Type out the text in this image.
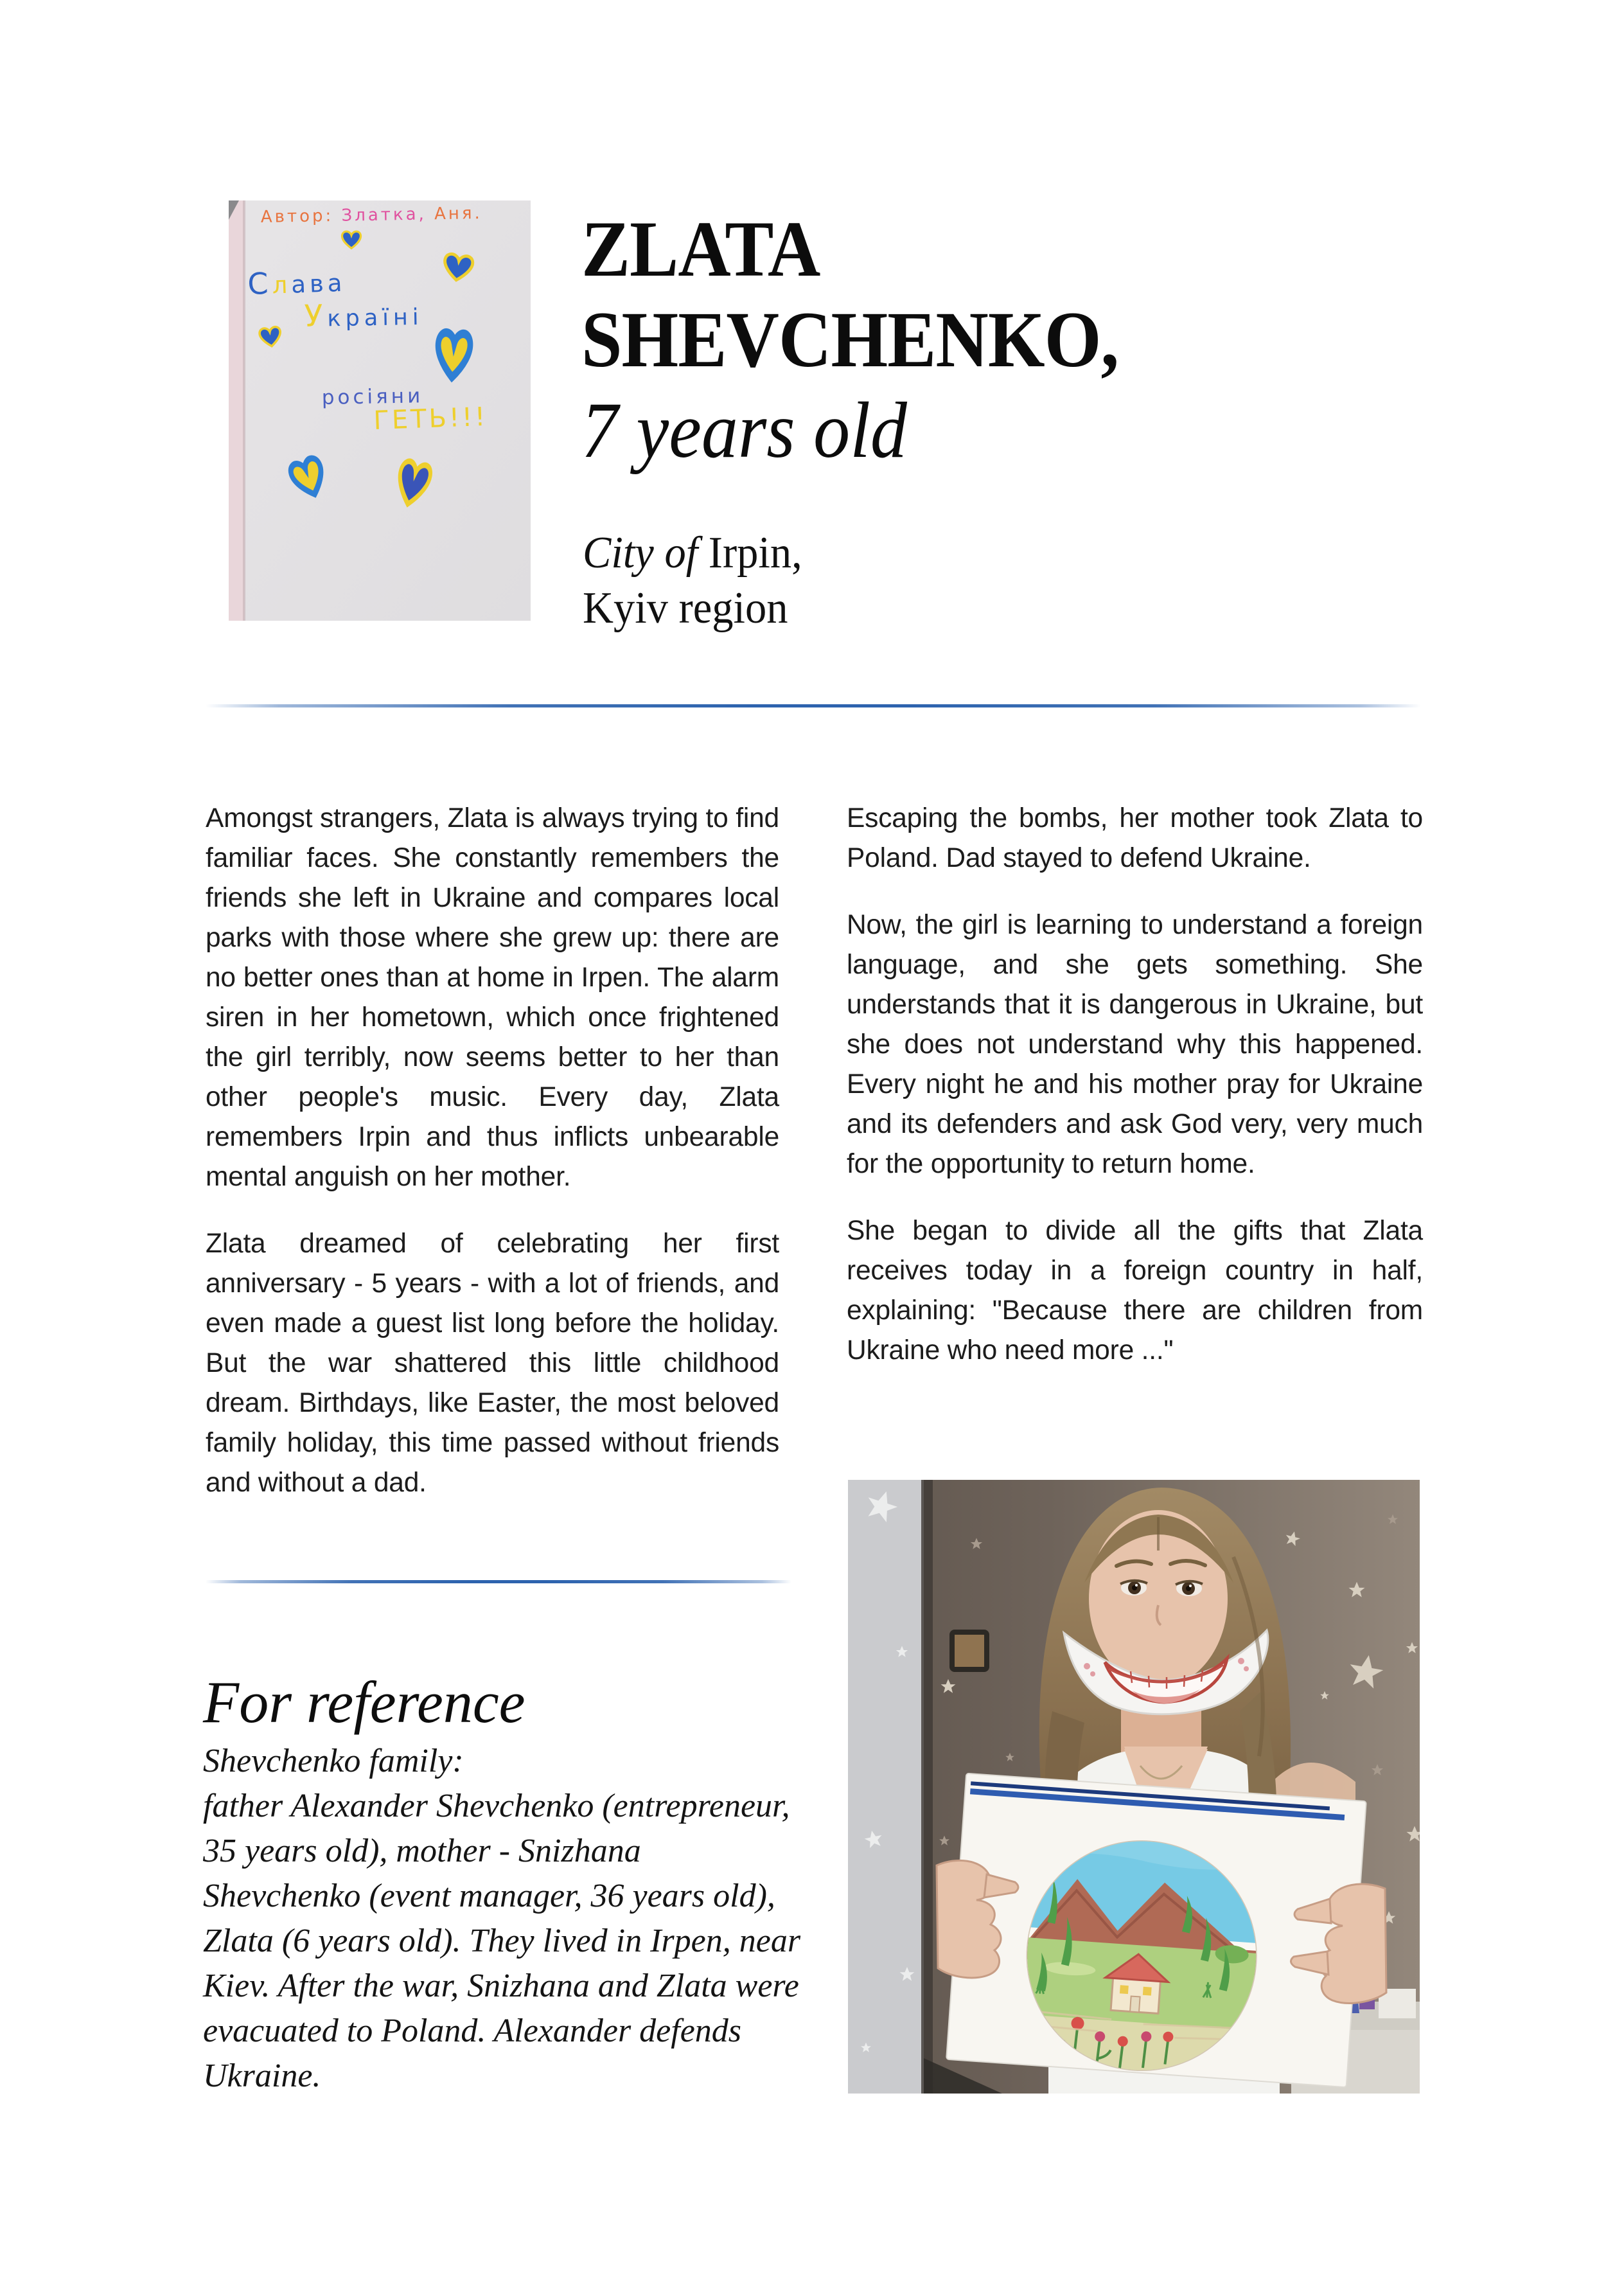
Автор: Златка, Аня.
Слава
Україні
росіяни
ГЕТЬ!!!
ZLATA
SHEVCHENKO,
7 years old
City of Irpin,
Kyiv region

Amongst strangers, Zlata is always trying to find familiar faces. She constantly remembers the friends she left in Ukraine and compares local parks with those where she grew up: there are no better ones than at home in Irpen. The alarm siren in her hometown, which once frightened the girl terribly, now seems better to her than other people's music. Every day, Zlata remembers Irpin and thus inflicts unbearable mental anguish on her mother.

Zlata dreamed of celebrating her first anniversary - 5 years - with a lot of friends, and even made a guest list long before the holiday. But the war shattered this little childhood dream. Birthdays, like Easter, the most beloved family holiday, this time passed without friends and without a dad.

Escaping the bombs, her mother took Zlata to Poland. Dad stayed to defend Ukraine.

Now, the girl is learning to understand a foreign language, and she gets something. She understands that it is dangerous in Ukraine, but she does not understand why this happened. Every night he and his mother pray for Ukraine and its defenders and ask God very, very much for the opportunity to return home.

She began to divide all the gifts that Zlata receives today in a foreign country in half, explaining: "Because there are children from Ukraine who need more ..."

For reference
Shevchenko family:
father Alexander Shevchenko (entrepreneur, 35 years old), mother - Snizhana Shevchenko (event manager, 36 years old), Zlata (6 years old). They lived in Irpen, near Kiev. After the war, Snizhana and Zlata were evacuated to Poland. Alexander defends Ukraine.
